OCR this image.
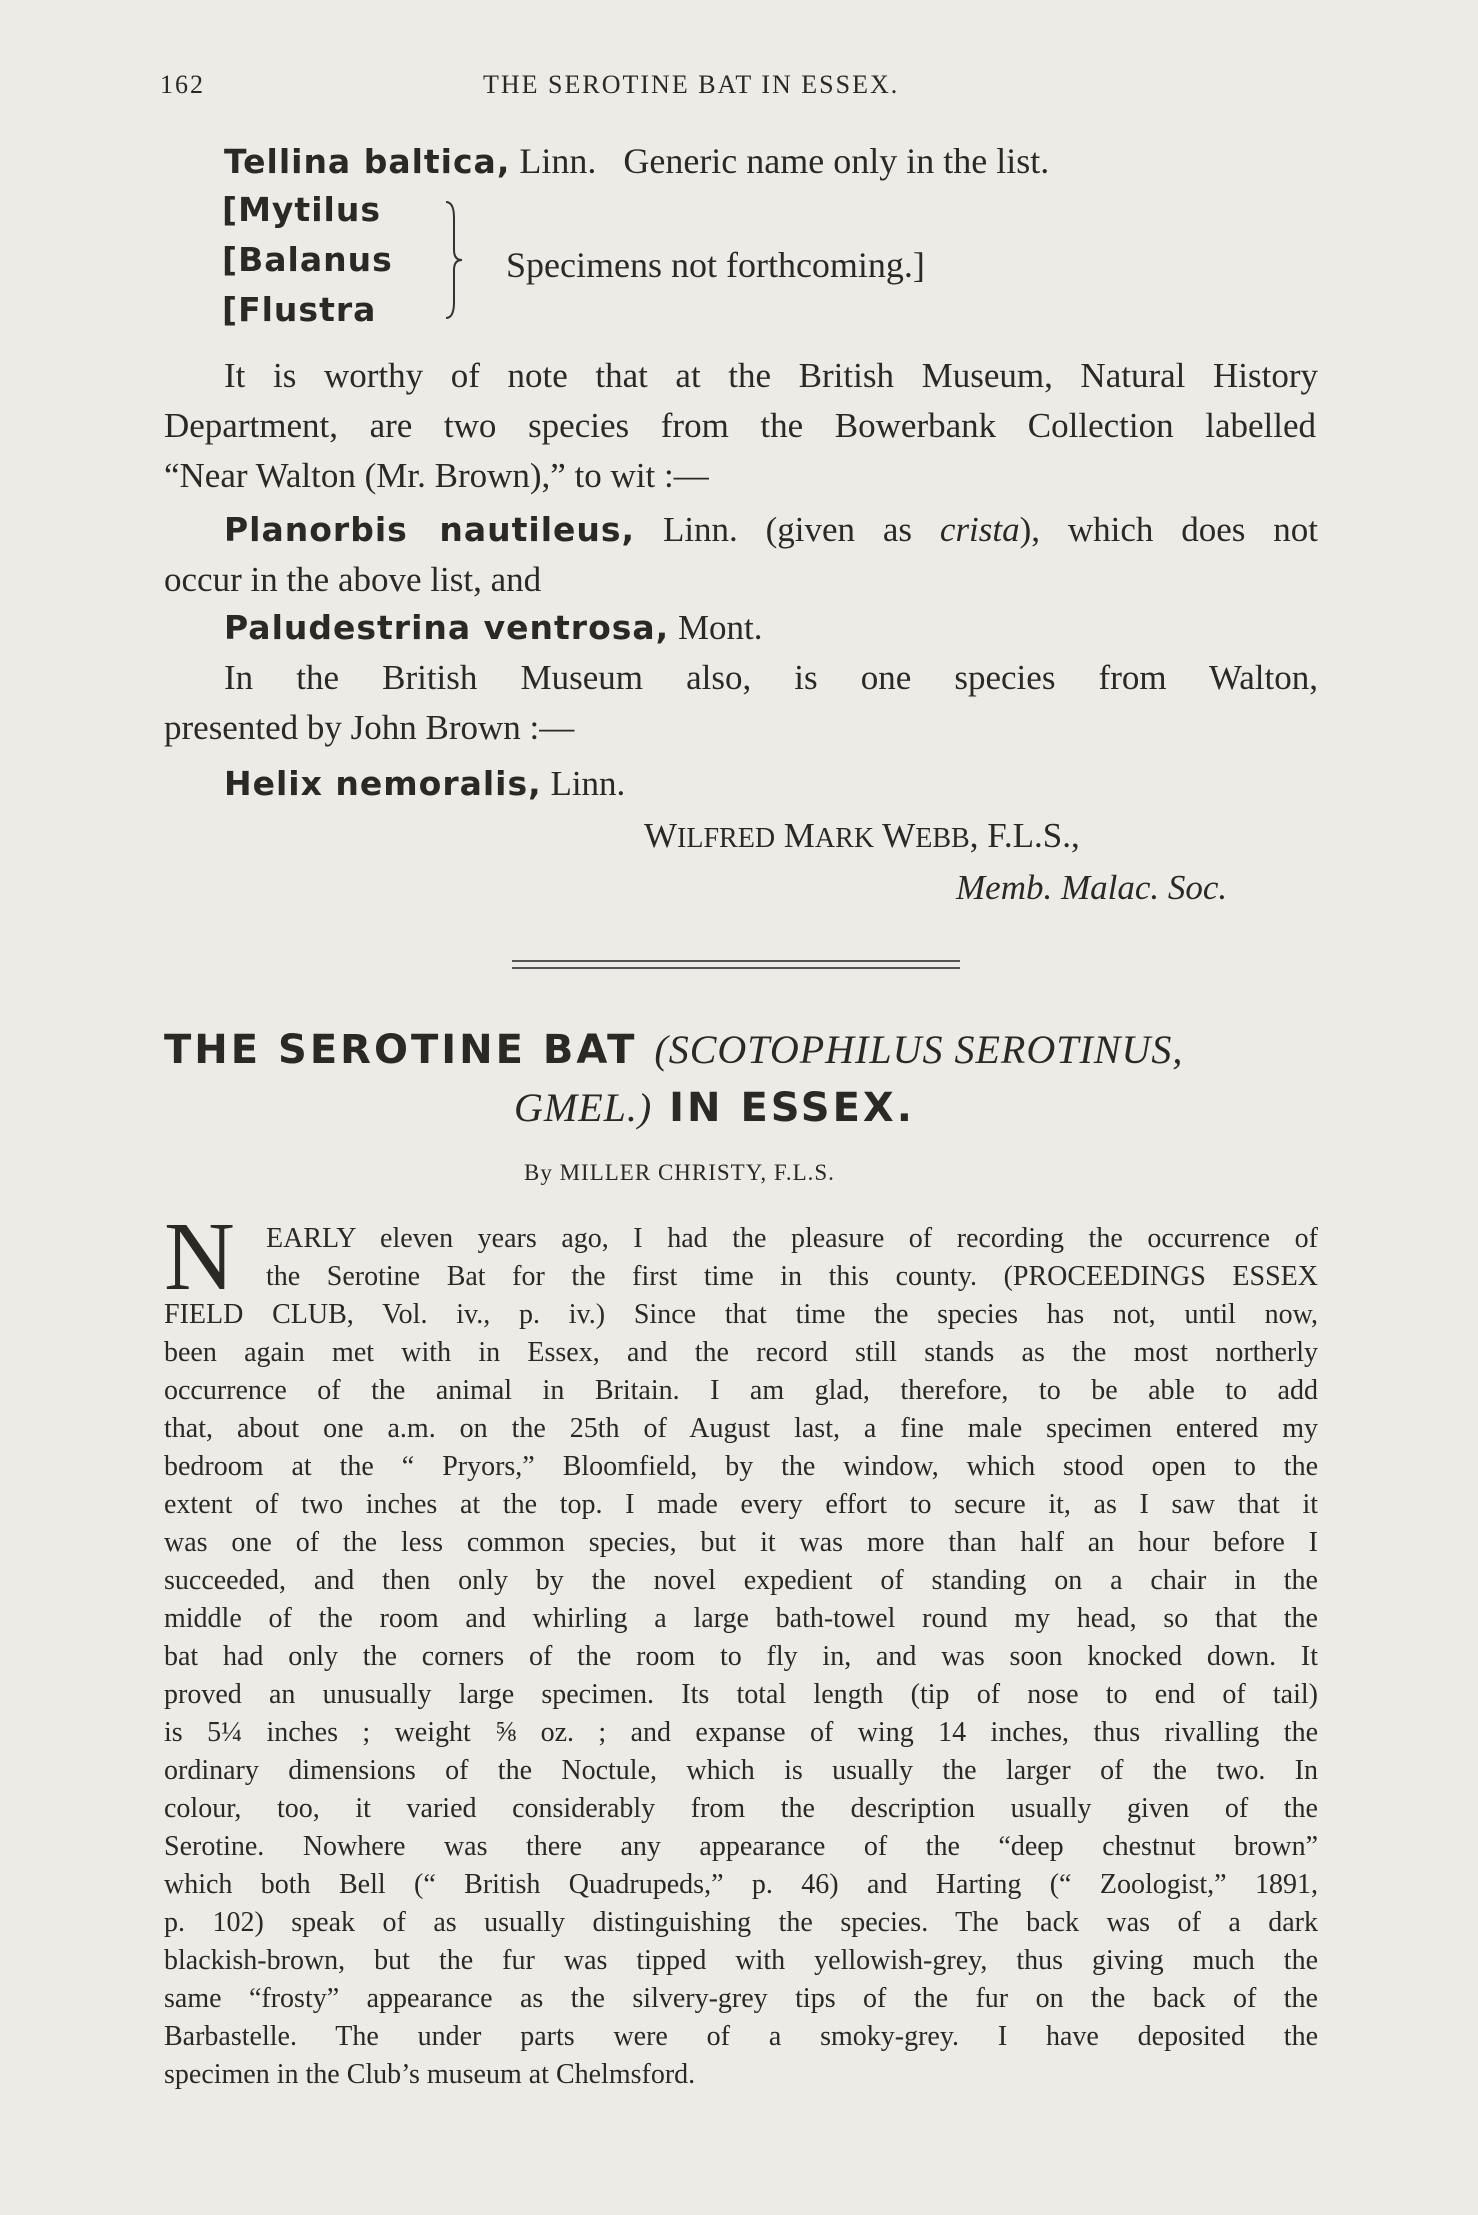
162	THE SEROTINE BAT IN ESSEX.
Tellina baltica, Linn. Generic name only in the list.
[Mytilus
[Balanus
[Flustra
Specimens not forthcoming.]
It is worthy of note that at the British Museum, Natural History
Department, are two species from the Bowerbank Collection labelled
“Near Walton (Mr. Brown),” to wit :—
Planorbis nautileus, Linn. (given as crista), which does not
occur in the above list, and
Paludestrina ventrosa, Mont.
In the British Museum also, is one species from Walton,
presented by John Brown :—
Helix nemoralis, Linn.
WILFRED MARK WEBB, F.L.S.,
Memb. Malac. Soc.
THE SEROTINE BAT (SCOTOPHILUS SEROTINUS,
GMEL.) IN ESSEX.
By MILLER CHRISTY, F.L.S.
N EARLY eleven years ago, I had the pleasure of recording the occurrence of
the Serotine Bat for the first time in this county. (PROCEEDINGS ESSEX
FIELD CLUB, Vol. iv., p. iv.) Since that time the species has not, until now,
been again met with in Essex, and the record still stands as the most northerly
occurrence of the animal in Britain. I am glad, therefore, to be able to add
that, about one a.m. on the 25th of August last, a fine male specimen entered my
bedroom at the “ Pryors,” Bloomfield, by the window, which stood open to the
extent of two inches at the top. I made every effort to secure it, as I saw that it
was one of the less common species, but it was more than half an hour before I
succeeded, and then only by the novel expedient of standing on a chair in the
middle of the room and whirling a large bath-towel round my head, so that the
bat had only the corners of the room to fly in, and was soon knocked down. It
proved an unusually large specimen. Its total length (tip of nose to end of tail)
is 5¼ inches ; weight ⅝ oz. ; and expanse of wing 14 inches, thus rivalling the
ordinary dimensions of the Noctule, which is usually the larger of the two. In
colour, too, it varied considerably from the description usually given of the
Serotine. Nowhere was there any appearance of the “deep chestnut brown”
which both Bell (“ British Quadrupeds,” p. 46) and Harting (“ Zoologist,” 1891,
p. 102) speak of as usually distinguishing the species. The back was of a dark
blackish-brown, but the fur was tipped with yellowish-grey, thus giving much the
same “frosty” appearance as the silvery-grey tips of the fur on the back of the
Barbastelle. The under parts were of a smoky-grey. I have deposited the
specimen in the Club’s museum at Chelmsford.
